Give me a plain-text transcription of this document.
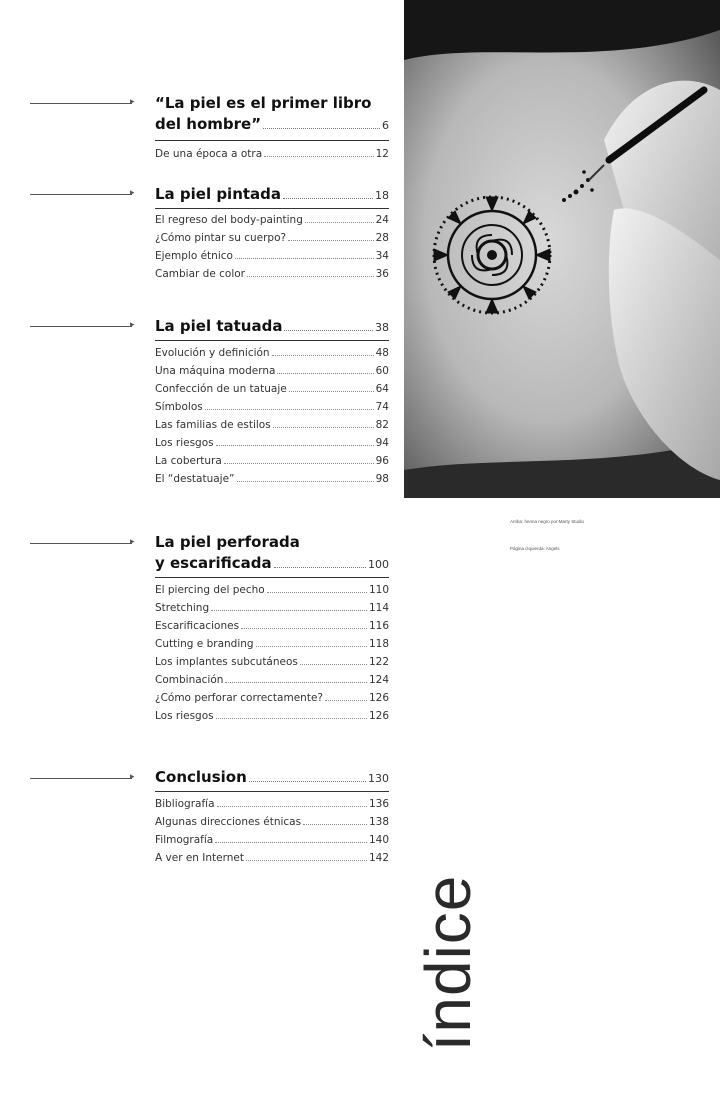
▸ “La piel es el primer libro
del hombre”	6
De una época a otra	12
▸ La piel pintada	18
El regreso del body-painting	24
¿Cómo pintar su cuerpo?	28
Ejemplo étnico	34
Cambiar de color	36
▸ La piel tatuada	38
Evolución y definición	48
Una máquina moderna	60
Confección de un tatuaje	64
Símbolos	74
Las familias de estilos	82
Los riesgos	94
La cobertura	96
El “destatuaje”	98
▸ La piel perforada
y escarificada	100
El piercing del pecho	110
Stretching	114
Escarificaciones	116
Cutting e branding	118
Los implantes subcutáneos	122
Combinación	124
¿Cómo perforar correctamente?	126
Los riesgos	126
▸ Conclusion	130
Bibliografía	136
Algunas direcciones étnicas	138
Filmografía	140
A ver en Internet	142
Arriba: henna negro por Marty Studio
Página izquierda: Angels
índice
